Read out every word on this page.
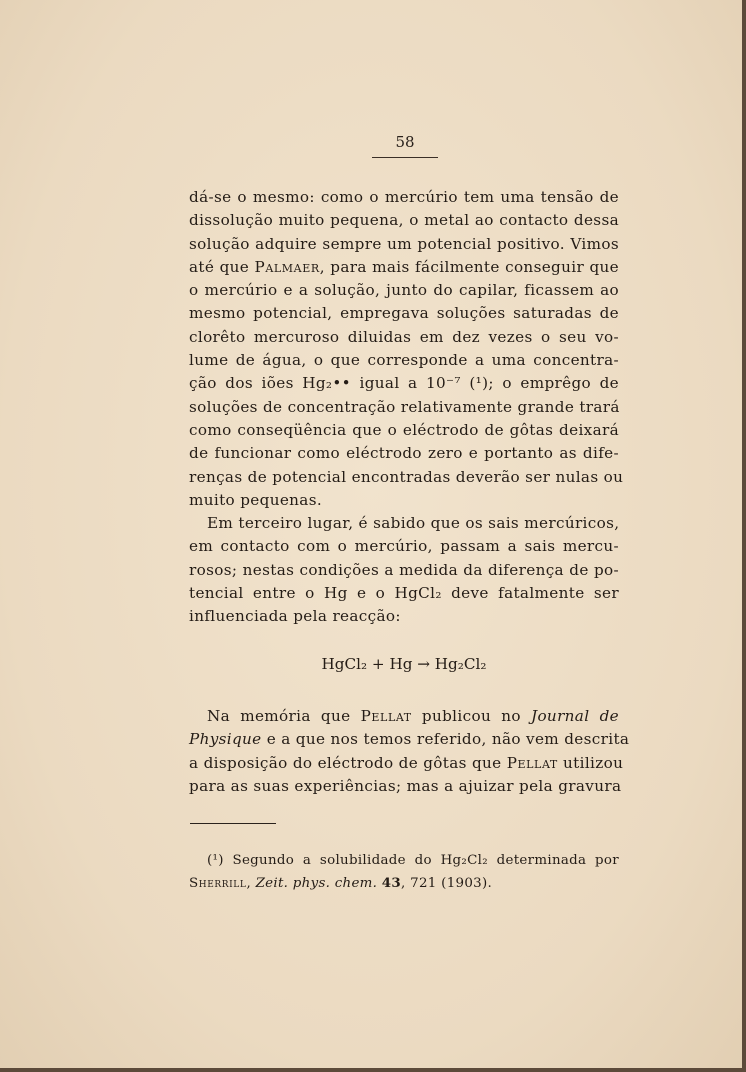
58
dá-se o mesmo: como o mercúrio tem uma tensão de
dissolução muito pequena, o metal ao contacto dessa
solução adquire sempre um potencial positivo. Vimos
até que Palmaer, para mais fácilmente conseguir que
o mercúrio e a solução, junto do capilar, ficassem ao
mesmo potencial, empregava soluções saturadas de
clorêto mercuroso diluidas em dez vezes o seu vo-
lume de água, o que corresponde a uma concentra-
ção dos iões Hg₂•• igual a 10⁻⁷ (¹); o emprêgo de
soluções de concentração relativamente grande trará
como conseqüência que o eléctrodo de gôtas deixará
de funcionar como eléctrodo zero e portanto as dife-
renças de potencial encontradas deverão ser nulas ou
muito pequenas.
Em terceiro lugar, é sabido que os sais mercúricos,
em contacto com o mercúrio, passam a sais mercu-
rosos; nestas condições a medida da diferença de po-
tencial entre o Hg e o HgCl₂ deve fatalmente ser
influenciada pela reacção:
HgCl₂ + Hg → Hg₂Cl₂
Na memória que Pellat publicou no Journal de
Physique e a que nos temos referido, não vem descrita
a disposição do eléctrodo de gôtas que Pellat utilizou
para as suas experiências; mas a ajuizar pela gravura
(¹) Segundo a solubilidade do Hg₂Cl₂ determinada por
Sherrill, Zeit. phys. chem. 43, 721 (1903).
